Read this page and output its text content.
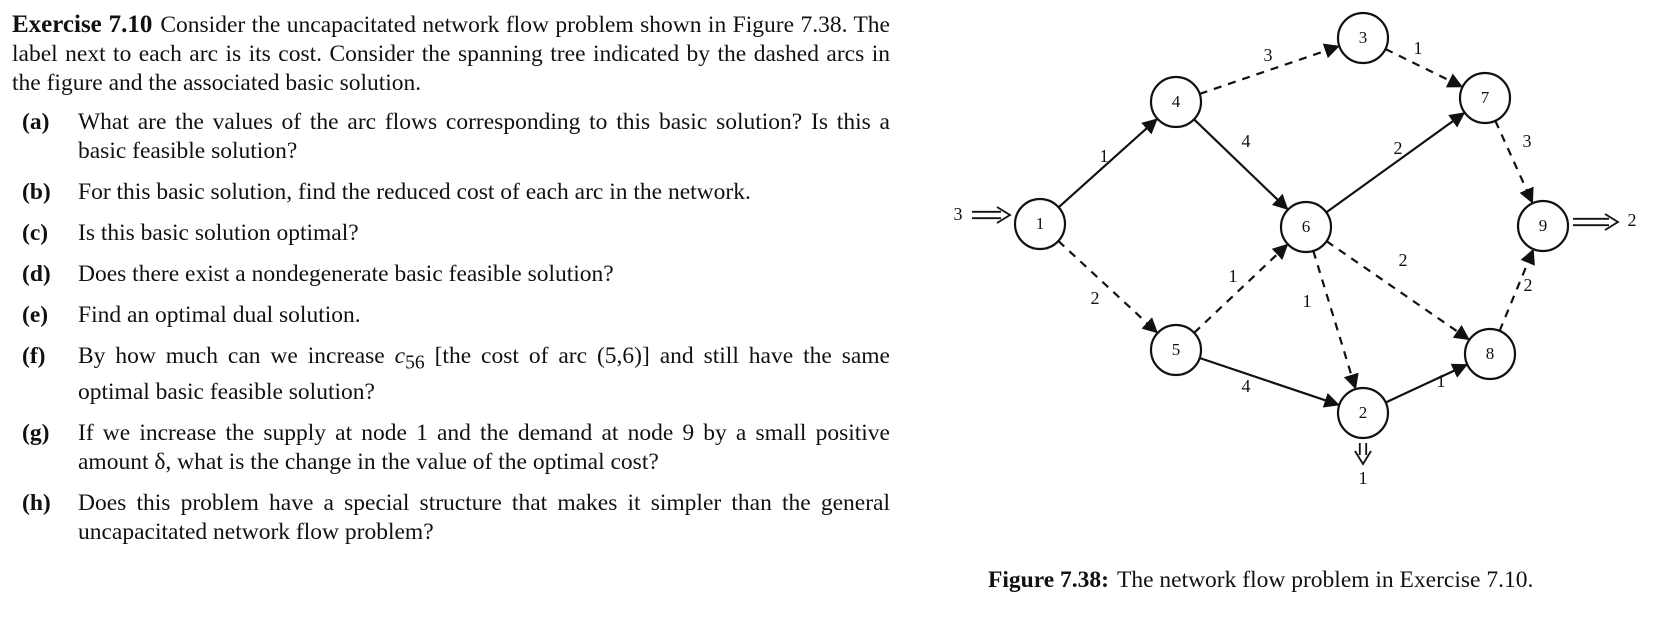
Exercise 7.10 Consider the uncapacitated network flow problem shown in Figure 7.38. The label next to each arc is its cost. Consider the spanning tree indicated by the dashed arcs in the figure and the associated basic solution.

(a) What are the values of the arc flows corresponding to this basic solution? Is this a basic feasible solution?
(b) For this basic solution, find the reduced cost of each arc in the network.
(c) Is this basic solution optimal?
(d) Does there exist a nondegenerate basic feasible solution?
(e) Find an optimal dual solution.
(f) By how much can we increase $c_{56}$ [the cost of arc (5,6)] and still have the same optimal basic feasible solution?
(g) If we increase the supply at node 1 and the demand at node 9 by a small positive amount δ, what is the change in the value of the optimal cost?
(h) Does this problem have a special structure that makes it simpler than the general uncapacitated network flow problem?
1
2
3
4
1
2	3
1
4
1
2
1
2
3	2
1
1
2
3
4
5
6
7
8
9
Figure 7.38: The network flow problem in Exercise 7.10.
